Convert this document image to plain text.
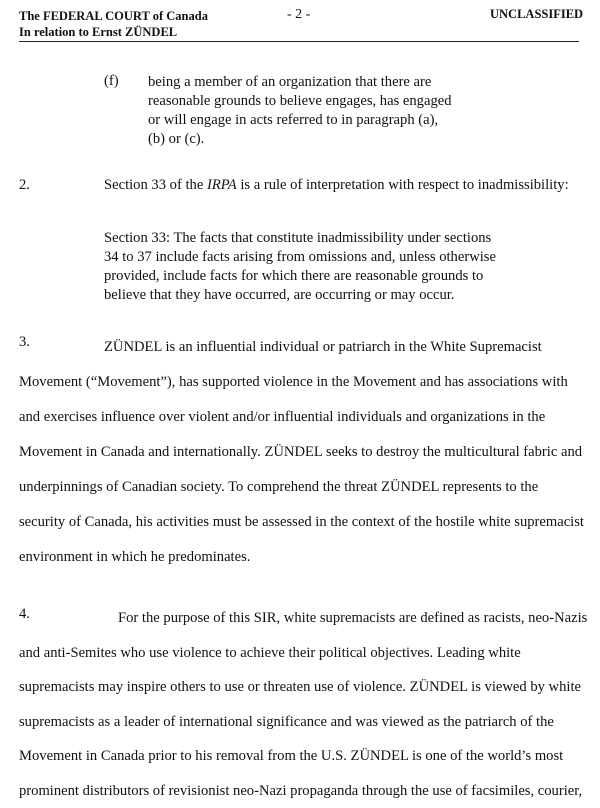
The FEDERAL COURT of Canada
In relation to Ernst ZÜNDEL
- 2 -	UNCLASSIFIED
(f) being a member of an organization that there are
reasonable grounds to believe engages, has engaged
or will engage in acts referred to in paragraph (a),
(b) or (c).
2.	Section 33 of the IRPA is a rule of interpretation with respect to inadmissibility:
Section 33: The facts that constitute inadmissibility under sections
34 to 37 include facts arising from omissions and, unless otherwise
provided, include facts for which there are reasonable grounds to
believe that they have occurred, are occurring or may occur.
3.	ZÜNDEL is an influential individual or patriarch in the White Supremacist
Movement (“Movement”), has supported violence in the Movement and has associations with
and exercises influence over violent and/or influential individuals and organizations in the
Movement in Canada and internationally. ZÜNDEL seeks to destroy the multicultural fabric and
underpinnings of Canadian society. To comprehend the threat ZÜNDEL represents to the
security of Canada, his activities must be assessed in the context of the hostile white supremacist
environment in which he predominates.
4.	For the purpose of this SIR, white supremacists are defined as racists, neo-Nazis
and anti-Semites who use violence to achieve their political objectives. Leading white
supremacists may inspire others to use or threaten use of violence. ZÜNDEL is viewed by white
supremacists as a leader of international significance and was viewed as the patriarch of the
Movement in Canada prior to his removal from the U.S. ZÜNDEL is one of the world’s most
prominent distributors of revisionist neo-Nazi propaganda through the use of facsimiles, courier,
